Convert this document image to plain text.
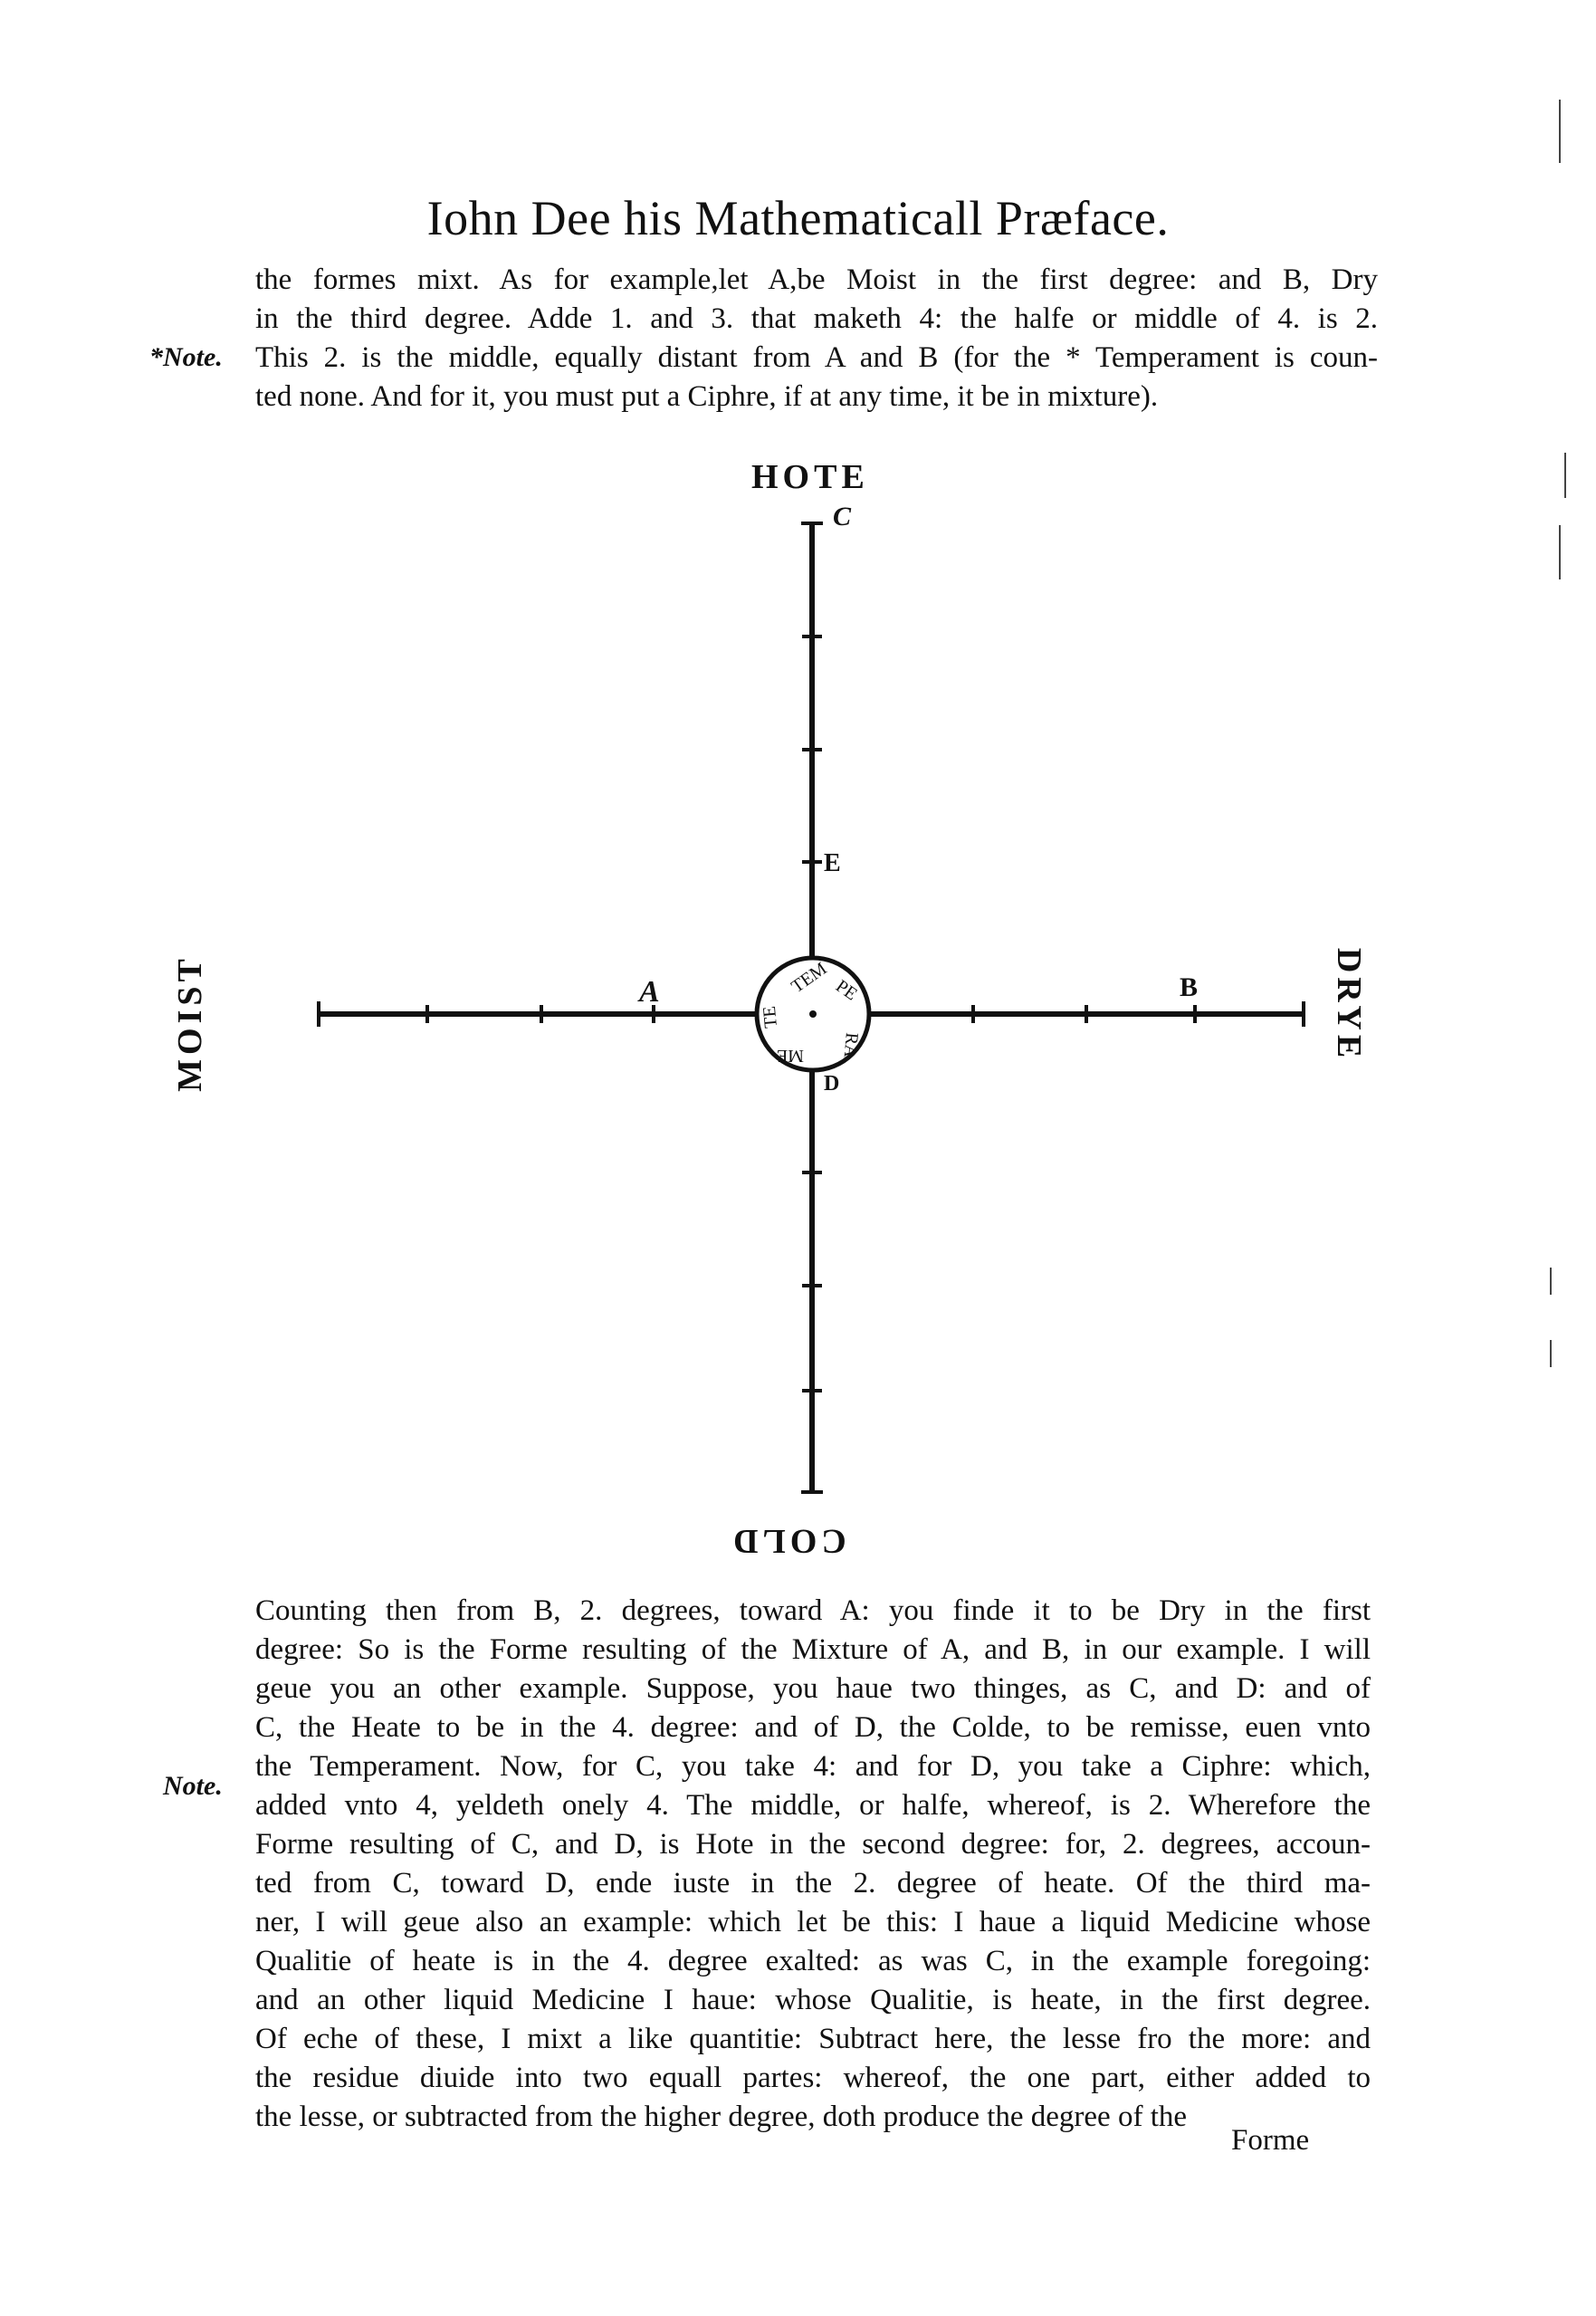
Iohn Dee his Mathematicall Præface.
*Note.
the formes mixt. As for example,let A,be Moist in the first degree: and B, Dry
in the third degree. Adde 1. and 3. that maketh 4: the halfe or middle of 4. is 2.
This 2. is the middle, equally distant from A and B (for the * Temperament is coun-
ted none. And for it, you must put a Ciphre, if at any time, it be in mixture).
HOTE
COLD
MOIST	DRYE
C
E
A	B
D
TEM PE
RA
ME
TE
Note.
Counting then from B, 2. degrees, toward A: you finde it to be Dry in the first
degree: So is the Forme resulting of the Mixture of A, and B, in our example. I will
geue you an other example. Suppose, you haue two thinges, as C, and D: and of
C, the Heate to be in the 4. degree: and of D, the Colde, to be remisse, euen vnto
the Temperament. Now, for C, you take 4: and for D, you take a Ciphre: which,
added vnto 4, yeldeth onely 4. The middle, or halfe, whereof, is 2. Wherefore the
Forme resulting of C, and D, is Hote in the second degree: for, 2. degrees, accoun-
ted from C, toward D, ende iuste in the 2. degree of heate. Of the third ma-
ner, I will geue also an example: which let be this: I haue a liquid Medicine whose
Qualitie of heate is in the 4. degree exalted: as was C, in the example foregoing:
and an other liquid Medicine I haue: whose Qualitie, is heate, in the first degree.
Of eche of these, I mixt a like quantitie: Subtract here, the lesse fro the more: and
the residue diuide into two equall partes: whereof, the one part, either added to
the lesse, or subtracted from the higher degree, doth produce the degree of the
Forme
